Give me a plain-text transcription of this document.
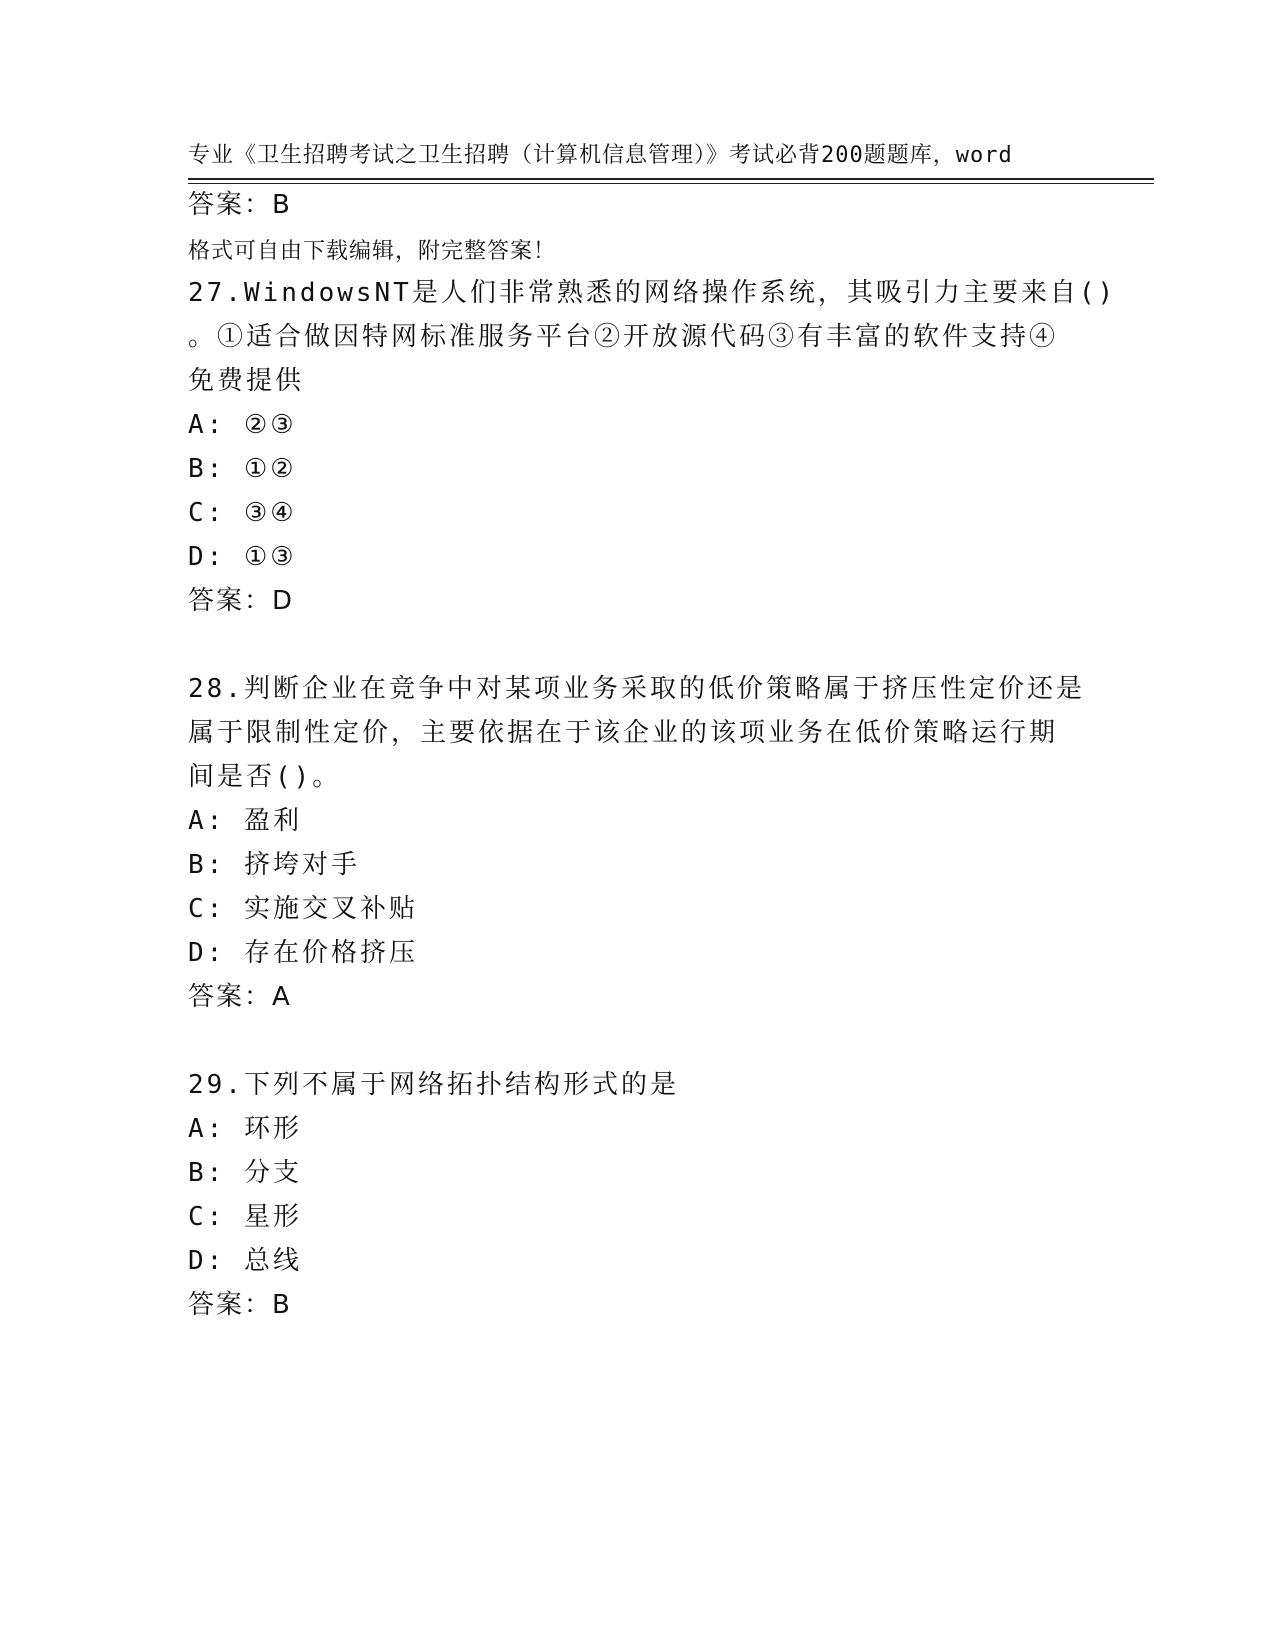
专业《卫生招聘考试之卫生招聘（计算机信息管理）》考试必背200题题库，word

格式可自由下载编辑，附完整答案！

答案：B
27.WindowsNT是人们非常熟悉的网络操作系统，其吸引力主要来自()
。①适合做因特网标准服务平台②开放源代码③有丰富的软件支持④
免费提供
A: ②③
B: ①②
C: ③④
D: ①③
答案：D
28.判断企业在竞争中对某项业务采取的低价策略属于挤压性定价还是
属于限制性定价，主要依据在于该企业的该项业务在低价策略运行期
间是否()。
A: 盈利
B: 挤垮对手
C: 实施交叉补贴
D: 存在价格挤压
答案：A
29.下列不属于网络拓扑结构形式的是
A: 环形
B: 分支
C: 星形
D: 总线
答案：B
